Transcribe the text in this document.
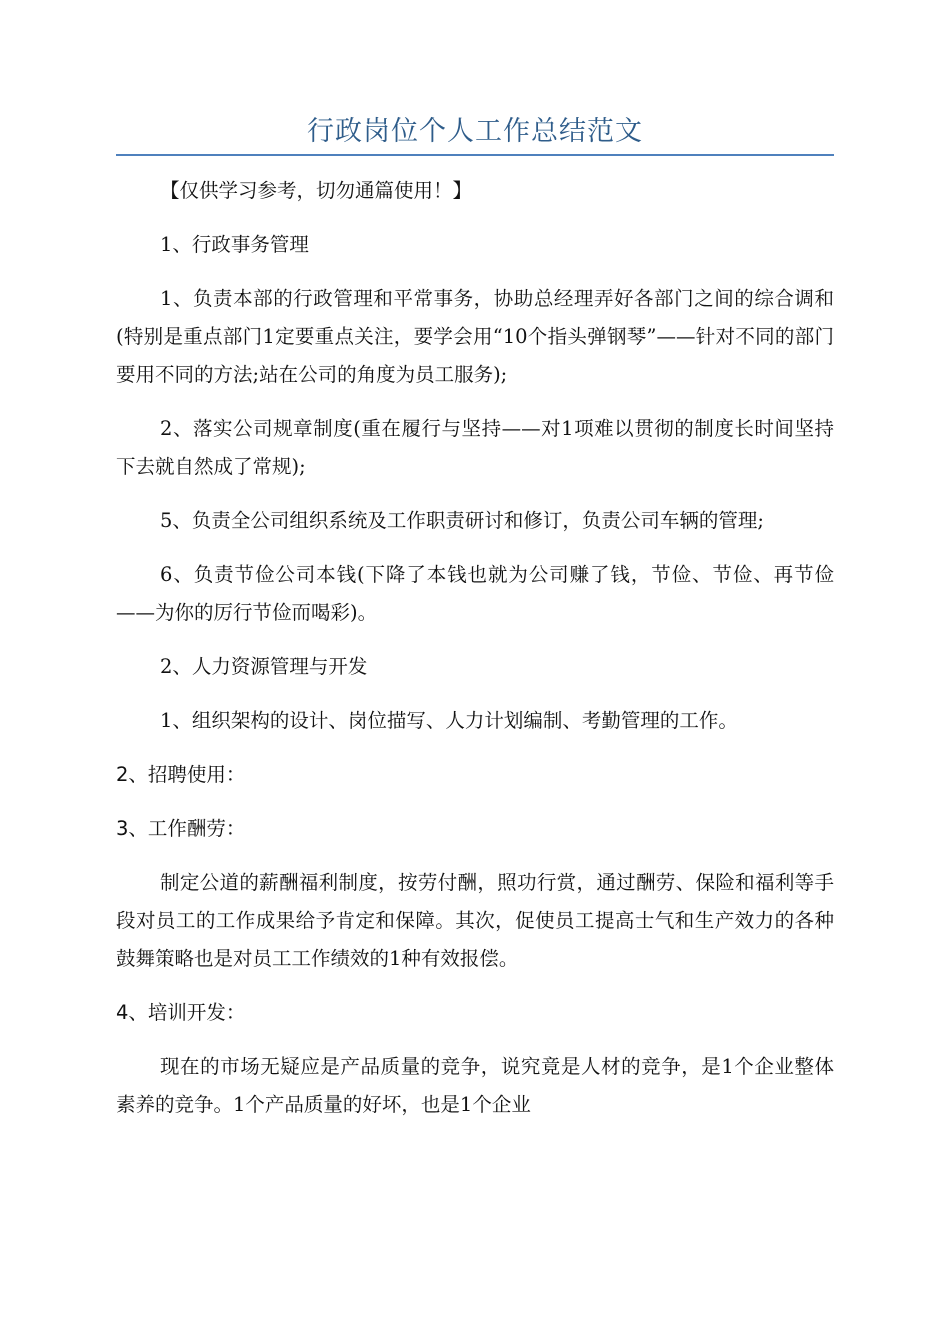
行政岗位个人工作总结范文

【仅供学习参考，切勿通篇使用！】

1、行政事务管理

1、负责本部的行政管理和平常事务，协助总经理弄好各部门之间的综合调和(特别是重点部门1定要重点关注，要学会用“10个指头弹钢琴”——针对不同的部门要用不同的方法;站在公司的角度为员工服务);

2、落实公司规章制度(重在履行与坚持——对1项难以贯彻的制度长时间坚持下去就自然成了常规);

5、负责全公司组织系统及工作职责研讨和修订，负责公司车辆的管理;

6、负责节俭公司本钱(下降了本钱也就为公司赚了钱，节俭、节俭、再节俭——为你的厉行节俭而喝彩)。

2、人力资源管理与开发

1、组织架构的设计、岗位描写、人力计划编制、考勤管理的工作。

2、招聘使用：

3、工作酬劳：

制定公道的薪酬福利制度，按劳付酬，照功行赏，通过酬劳、保险和福利等手段对员工的工作成果给予肯定和保障。其次，促使员工提高士气和生产效力的各种鼓舞策略也是对员工工作绩效的1种有效报偿。

4、培训开发：

现在的市场无疑应是产品质量的竞争，说究竟是人材的竞争，是1个企业整体素养的竞争。1个产品质量的好坏，也是1个企业
